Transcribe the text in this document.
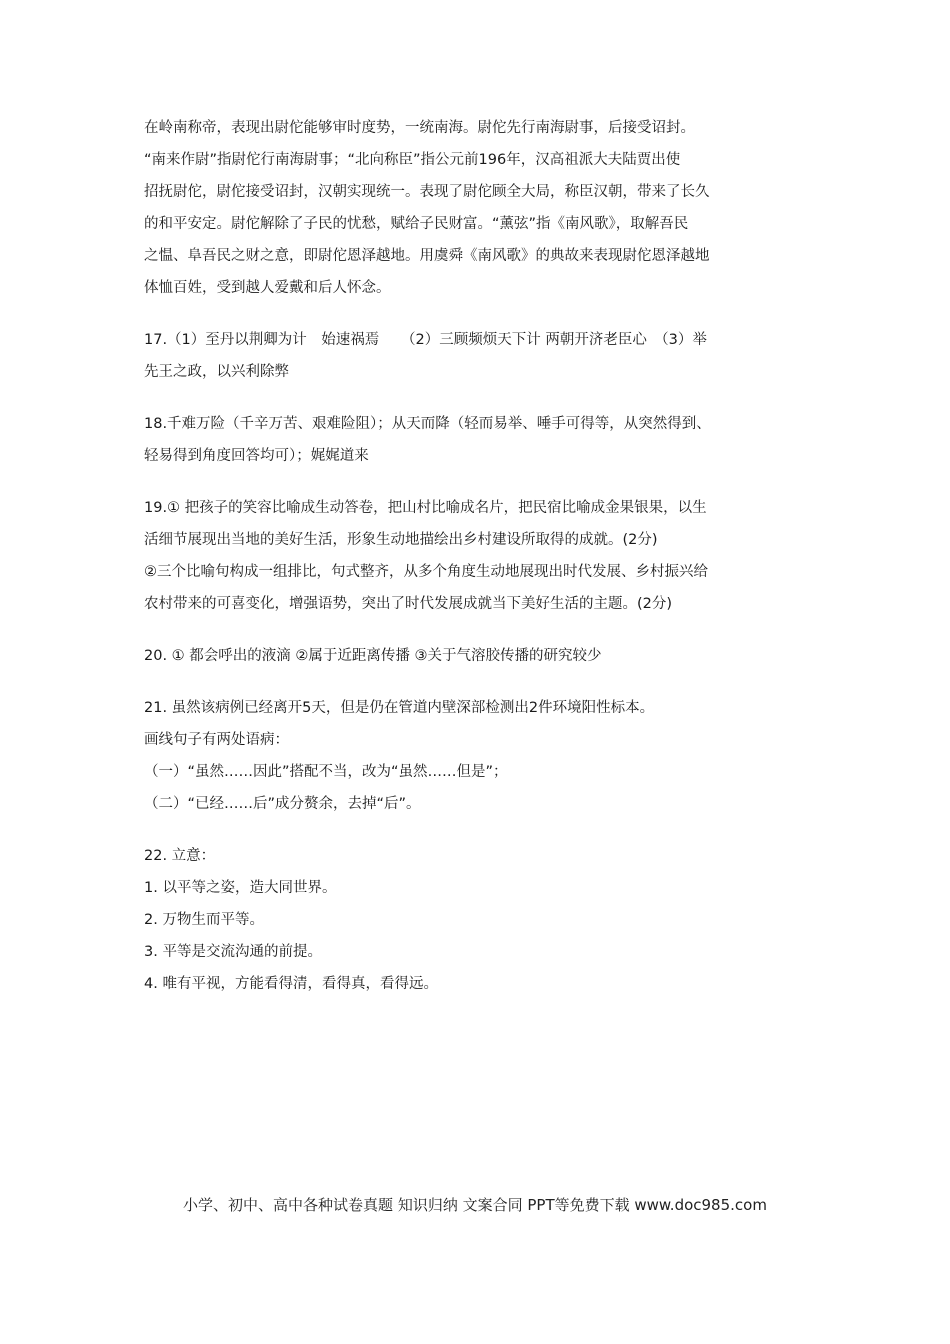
在岭南称帝，表现出尉佗能够审时度势，一统南海。尉佗先行南海尉事，后接受诏封。
“南来作尉”指尉佗行南海尉事；“北向称臣”指公元前196年，汉高祖派大夫陆贾出使
招抚尉佗，尉佗接受诏封，汉朝实现统一。表现了尉佗顾全大局，称臣汉朝，带来了长久
的和平安定。尉佗解除了子民的忧愁，赋给子民财富。“薰弦”指《南风歌》，取解吾民
之愠、阜吾民之财之意，即尉佗恩泽越地。用虞舜《南风歌》的典故来表现尉佗恩泽越地
体恤百姓，受到越人爱戴和后人怀念。
17.（1）至丹以荆卿为计　始速祸焉　　（2）三顾频烦天下计 两朝开济老臣心　（3）举
先王之政，以兴利除弊
18.千难万险（千辛万苦、艰难险阻）；从天而降（轻而易举、唾手可得等，从突然得到、
轻易得到角度回答均可）；娓娓道来
19.① 把孩子的笑容比喻成生动答卷，把山村比喻成名片，把民宿比喻成金果银果，以生
活细节展现出当地的美好生活，形象生动地描绘出乡村建设所取得的成就。(2分)
②三个比喻句构成一组排比，句式整齐，从多个角度生动地展现出时代发展、乡村振兴给
农村带来的可喜变化，增强语势，突出了时代发展成就当下美好生活的主题。(2分)
20. ① 都会呼出的液滴 ②属于近距离传播 ③关于气溶胶传播的研究较少
21. 虽然该病例已经离开5天，但是仍在管道内壁深部检测出2件环境阳性标本。
画线句子有两处语病：
（一）“虽然……因此”搭配不当，改为“虽然……但是”；
（二）“已经……后”成分赘余，去掉“后”。
22. 立意：
1. 以平等之姿，造大同世界。
2. 万物生而平等。
3. 平等是交流沟通的前提。
4. 唯有平视，方能看得清，看得真，看得远。
小学、初中、高中各种试卷真题 知识归纳 文案合同 PPT等免费下载 www.doc985.com
